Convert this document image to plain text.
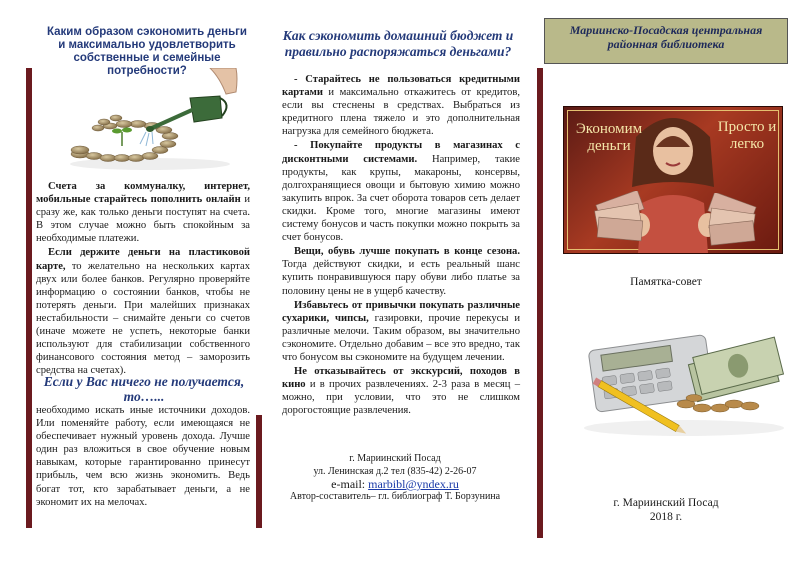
Каким образом сэкономить деньги и максимально удовлетворить собственные и семейные потребности?

Счета за коммуналку, интернет, мобильные старайтесь пополнить онлайн и сразу же, как только деньги поступят на счета. В этом случае можно быть спокойным за необходимые платежи.

Если держите деньги на пластиковой карте, то желательно на нескольких картах двух или более банков. Регулярно проверяйте информацию о состоянии банков, чтобы не потерять деньги. При малейших признаках нестабильности – снимайте деньги со счетов (иначе можете не успеть, некоторые банки используют для стабилизации собственного финансового состояния метод – заморозить средства на счетах).

Если у Вас ничего не получается, то…...

необходимо искать иные источники доходов. Или поменяйте работу, если имеющаяся не обеспечивает нужный уровень дохода. Лучше один раз вложиться в свое обучение новым навыкам, которые гарантированно принесут прибыль, чем всю жизнь экономить. Ведь богат тот, кто зарабатывает деньги, а не экономит их на мелочах.

Как сэкономить домашний бюджет и правильно распоряжаться деньгами?

- Старайтесь не пользоваться кредитными картами и максимально откажитесь от кредитов, если вы стеснены в средствах. Выбраться из кредитного плена тяжело и это дополнительная нагрузка для семейного бюджета.

- Покупайте продукты в магазинах с дисконтными системами. Например, такие продукты, как крупы, макароны, консервы, долгохранящиеся овощи и бытовую химию можно закупить впрок. За счет оборота товаров сеть делает скидки. Кроме того, многие магазины имеют систему бонусов и часть покупки можно покрыть за счет бонусов.

Вещи, обувь лучше покупать в конце сезона. Тогда действуют скидки, и есть реальный шанс купить понравившуюся пару обуви либо платье за половину цены не в ущерб качеству.

Избавьтесь от привычки покупать различные сухарики, чипсы, газировки, прочие перекусы и различные мелочи. Таким образом, вы значительно сэкономите. Отдельно добавим – все это вредно, так что бонусом вы сэкономите на будущем лечении.

Не отказывайтесь от экскурсий, походов в кино и в прочих развлечениях. 2-3 раза в месяц – можно, при условии, что это не слишком дорогостоящие развлечения.

г. Мариинский Посад
ул. Ленинская д.2 тел (835-42) 2-26-07
e-mail: marbibl@yndex.ru
Автор-составитель– гл. библиограф Т. Борзунина
Мариинско-Посадская центральная районная библиотека
Экономим деньги
Просто и легко
Памятка-совет
г. Мариинский Посад
2018 г.
